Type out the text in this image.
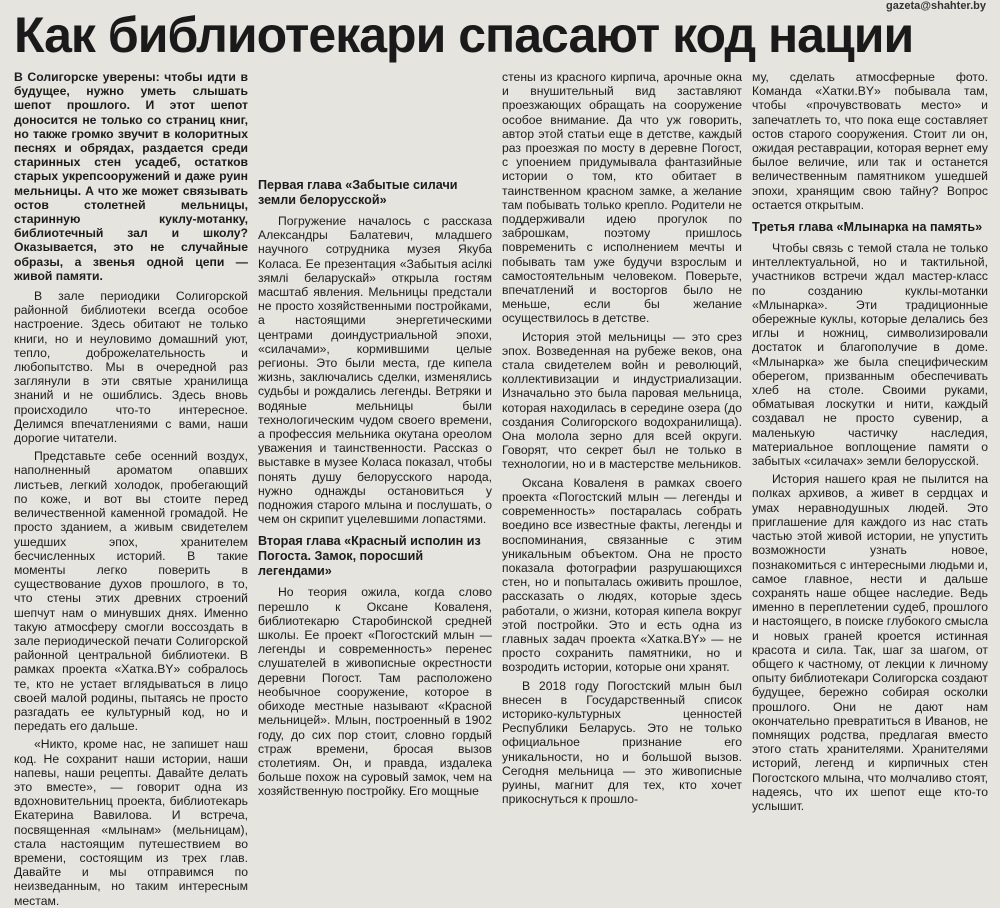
gazeta@shahter.by
Как библиотекари спасают код нации

В Солигорске уверены: чтобы идти в будущее, нужно уметь слышать шепот прошлого. И этот шепот доносится не только со страниц книг, но также громко звучит в колоритных песнях и обрядах, раздается среди старинных стен усадеб, остатков старых укрепсооружений и даже руин мельницы. А что же может связывать остов столетней мельницы, старинную куклу-мотанку, библиотечный зал и школу? Оказывается, это не случайные образы, а звенья одной цепи — живой памяти.

В зале периодики Солигорской районной библиотеки всегда особое настроение. Здесь обитают не только книги, но и неуловимо домашний уют, тепло, доброжелательность и любопытство. Мы в очередной раз заглянули в эти святые хранилища знаний и не ошиблись. Здесь вновь происходило что-то интересное. Делимся впечатлениями с вами, наши дорогие читатели.

Представьте себе осенний воздух, наполненный ароматом опавших листьев, легкий холодок, пробегающий по коже, и вот вы стоите перед величественной каменной громадой. Не просто зданием, а живым свидетелем ушедших эпох, хранителем бесчисленных историй. В такие моменты легко поверить в существование духов прошлого, в то, что стены этих древних строений шепчут нам о минувших днях. Именно такую атмосферу смогли воссоздать в зале периодической печати Солигорской районной центральной библиотеки. В рамках проекта «Хатка.BY» собралось те, кто не устает вглядываться в лицо своей малой родины, пытаясь не просто разгадать ее культурный код, но и передать его дальше.

«Никто, кроме нас, не запишет наш код. Не сохранит наши истории, наши напевы, наши рецепты. Давайте делать это вместе», — говорит одна из вдохновительниц проекта, библиотекарь Екатерина Вавилова. И встреча, посвященная «млынам» (мельницам), стала настоящим путешествием во времени, состоящим из трех глав. Давайте и мы отправимся по неизведанным, но таким интересным местам.

Первая глава «Забытые силачи земли белорусской»

Погружение началось с рассказа Александры Балатевич, младшего научного сотрудника музея Якуба Коласа. Ее презентация «Забытыя асілкі зямлі беларускай» открыла гостям масштаб явления. Мельницы предстали не просто хозяйственными постройками, а настоящими энергетическими центрами доиндустриальной эпохи, «силачами», кормившими целые регионы. Это были места, где кипела жизнь, заключались сделки, изменялись судьбы и рождались легенды. Ветряки и водяные мельницы были технологическим чудом своего времени, а профессия мельника окутана ореолом уважения и таинственности. Рассказ о выставке в музее Коласа показал, чтобы понять душу белорусского народа, нужно однажды остановиться у подножия старого млына и послушать, о чем он скрипит уцелевшими лопастями.

Вторая глава «Красный исполин из Погоста. Замок, поросший легендами»

Но теория ожила, когда слово перешло к Оксане Коваленя, библиотекарю Старобинской средней школы. Ее проект «Погостский млын — легенды и современность» перенес слушателей в живописные окрестности деревни Погост. Там расположено необычное сооружение, которое в обиходе местные называют «Красной мельницей». Млын, построенный в 1902 году, до сих пор стоит, словно гордый страж времени, бросая вызов столетиям. Он, и правда, издалека больше похож на суровый замок, чем на хозяйственную постройку. Его мощные

стены из красного кирпича, арочные окна и внушительный вид заставляют проезжающих обращать на сооружение особое внимание. Да что уж говорить, автор этой статьи еще в детстве, каждый раз проезжая по мосту в деревне Погост, с упоением придумывала фантазийные истории о том, кто обитает в таинственном красном замке, а желание там побывать только крепло. Родители не поддерживали идею прогулок по заброшкам, поэтому пришлось повременить с исполнением мечты и побывать там уже будучи взрослым и самостоятельным человеком. Поверьте, впечатлений и восторгов было не меньше, если бы желание осуществилось в детстве.

История этой мельницы — это срез эпох. Возведенная на рубеже веков, она стала свидетелем войн и революций, коллективизации и индустриализации. Изначально это была паровая мельница, которая находилась в середине озера (до создания Солигорского водохранилища). Она молола зерно для всей округи. Говорят, что секрет был не только в технологии, но и в мастерстве мельников.

Оксана Коваленя в рамках своего проекта «Погостский млын — легенды и современность» постаралась собрать воедино все известные факты, легенды и воспоминания, связанные с этим уникальным объектом. Она не просто показала фотографии разрушающихся стен, но и попыталась оживить прошлое, рассказать о людях, которые здесь работали, о жизни, которая кипела вокруг этой постройки. Это и есть одна из главных задач проекта «Хатка.BY» — не просто сохранить памятники, но и возродить истории, которые они хранят.

В 2018 году Погостский млын был внесен в Государственный список историко-культурных ценностей Республики Беларусь. Это не только официальное признание его уникальности, но и большой вызов. Сегодня мельница — это живописные руины, магнит для тех, кто хочет прикоснуться к прошло-

му, сделать атмосферные фото. Команда «Хатки.BY» побывала там, чтобы «прочувствовать место» и запечатлеть то, что пока еще составляет остов старого сооружения. Стоит ли он, ожидая реставрации, которая вернет ему былое величие, или так и останется величественным памятником ушедшей эпохи, хранящим свою тайну? Вопрос остается открытым.

Третья глава «Млынарка на память»

Чтобы связь с темой стала не только интеллектуальной, но и тактильной, участников встречи ждал мастер-класс по созданию куклы-мотанки «Млынарка». Эти традиционные обережные куклы, которые делались без иглы и ножниц, символизировали достаток и благополучие в доме. «Млынарка» же была специфическим оберегом, призванным обеспечивать хлеб на столе. Своими руками, обматывая лоскутки и нити, каждый создавал не просто сувенир, а маленькую частичку наследия, материальное воплощение памяти о забытых «силачах» земли белорусской.

История нашего края не пылится на полках архивов, а живет в сердцах и умах неравнодушных людей. Это приглашение для каждого из нас стать частью этой живой истории, не упустить возможности узнать новое, познакомиться с интересными людьми и, самое главное, нести и дальше сохранять наше общее наследие. Ведь именно в переплетении судеб, прошлого и настоящего, в поиске глубокого смысла и новых граней кроется истинная красота и сила. Так, шаг за шагом, от общего к частному, от лекции к личному опыту библиотекари Солигорска создают будущее, бережно собирая осколки прошлого. Они не дают нам окончательно превратиться в Иванов, не помнящих родства, предлагая вместо этого стать хранителями. Хранителями историй, легенд и кирпичных стен Погостского млына, что молчаливо стоят, надеясь, что их шепот еще кто-то услышит.
